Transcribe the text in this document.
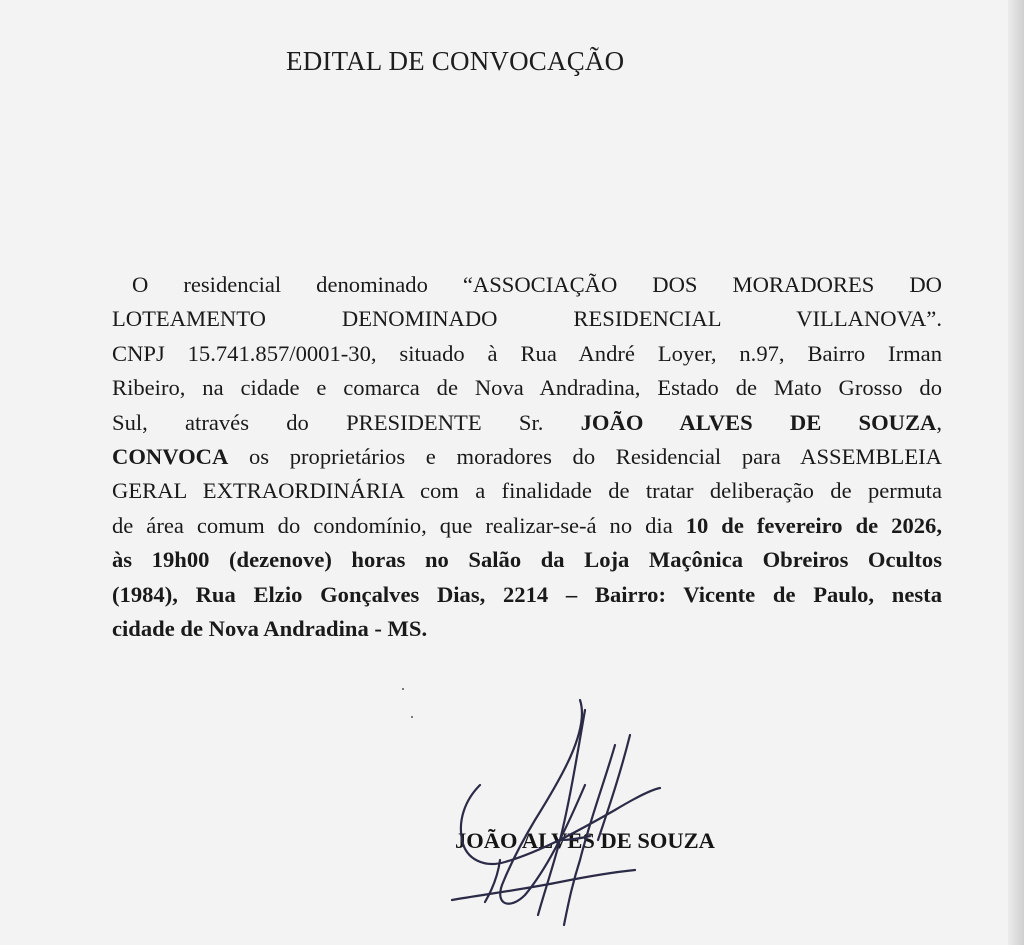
EDITAL DE CONVOCAÇÃO
O residencial denominado “ASSOCIAÇÃO DOS MORADORES DO
LOTEAMENTO DENOMINADO RESIDENCIAL VILLANOVA”.
CNPJ 15.741.857/0001-30, situado à Rua André Loyer, n.97, Bairro Irman
Ribeiro, na cidade e comarca de Nova Andradina, Estado de Mato Grosso do
Sul, através do PRESIDENTE Sr. JOÃO ALVES DE SOUZA,
CONVOCA os proprietários e moradores do Residencial para ASSEMBLEIA
GERAL EXTRAORDINÁRIA com a finalidade de tratar deliberação de permuta
de área comum do condomínio, que realizar-se-á no dia 10 de fevereiro de 2026,
às 19h00 (dezenove) horas no Salão da Loja Maçônica Obreiros Ocultos
(1984), Rua Elzio Gonçalves Dias, 2214 – Bairro: Vicente de Paulo, nesta
cidade de Nova Andradina - MS.
JOÃO ALVES DE SOUZA
